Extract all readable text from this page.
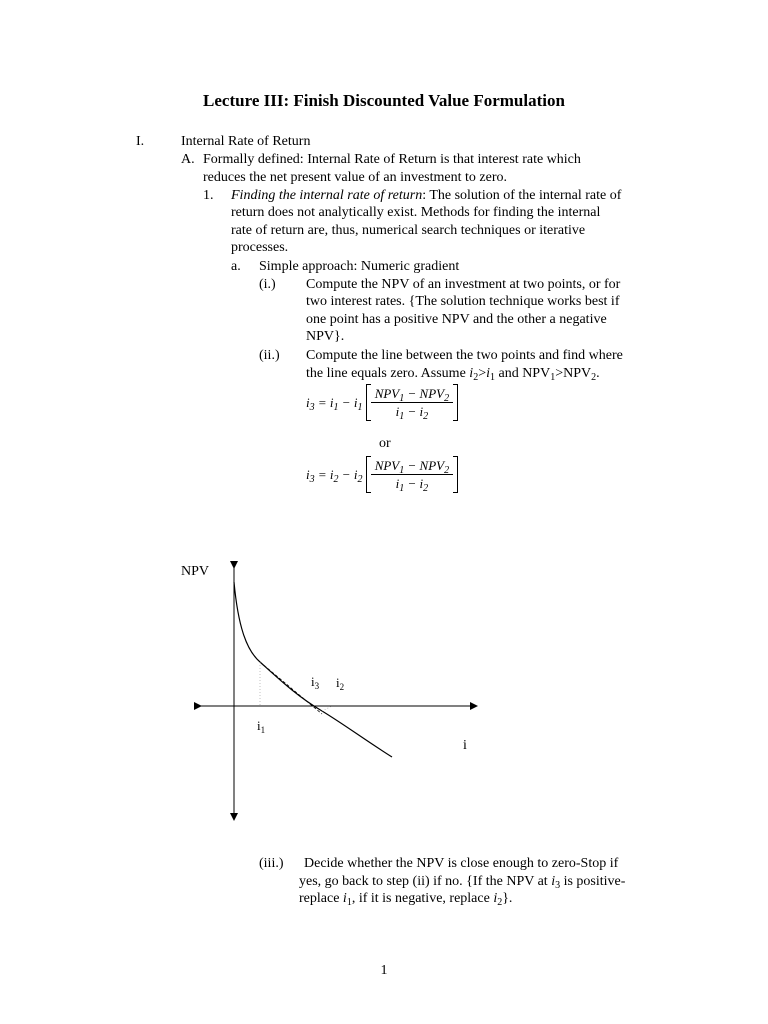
Lecture III: Finish Discounted Value Formulation
I.	Internal Rate of Return
A. Formally defined: Internal Rate of Return is that interest rate which
reduces the net present value of an investment to zero.
1. Finding the internal rate of return: The solution of the internal rate of
return does not analytically exist. Methods for finding the internal
rate of return are, thus, numerical search techniques or iterative
processes.
a. Simple approach: Numeric gradient
(i.) Compute the NPV of an investment at two points, or for
two interest rates. {The solution technique works best if
one point has a positive NPV and the other a negative
NPV}.
(ii.) Compute the line between the two points and find where
the line equals zero. Assume $i_2>i_1$ and $NPV_1>NPV_2$.
$i_3 = i_1 - i_1 \frac{NPV_1 - NPV_2}{i_1 - i_2}$
or
$i_3 = i_2 - i_2 \frac{NPV_1 - NPV_2}{i_1 - i_2}$
NPV
$i_3$ $i_2$
$i_1$
i
(iii.) Decide whether the NPV is close enough to zero-Stop if
yes, go back to step (ii) if no. {If the NPV at $i_3$ is positive-
replace $i_1$, if it is negative, replace $i_2$}.
1
